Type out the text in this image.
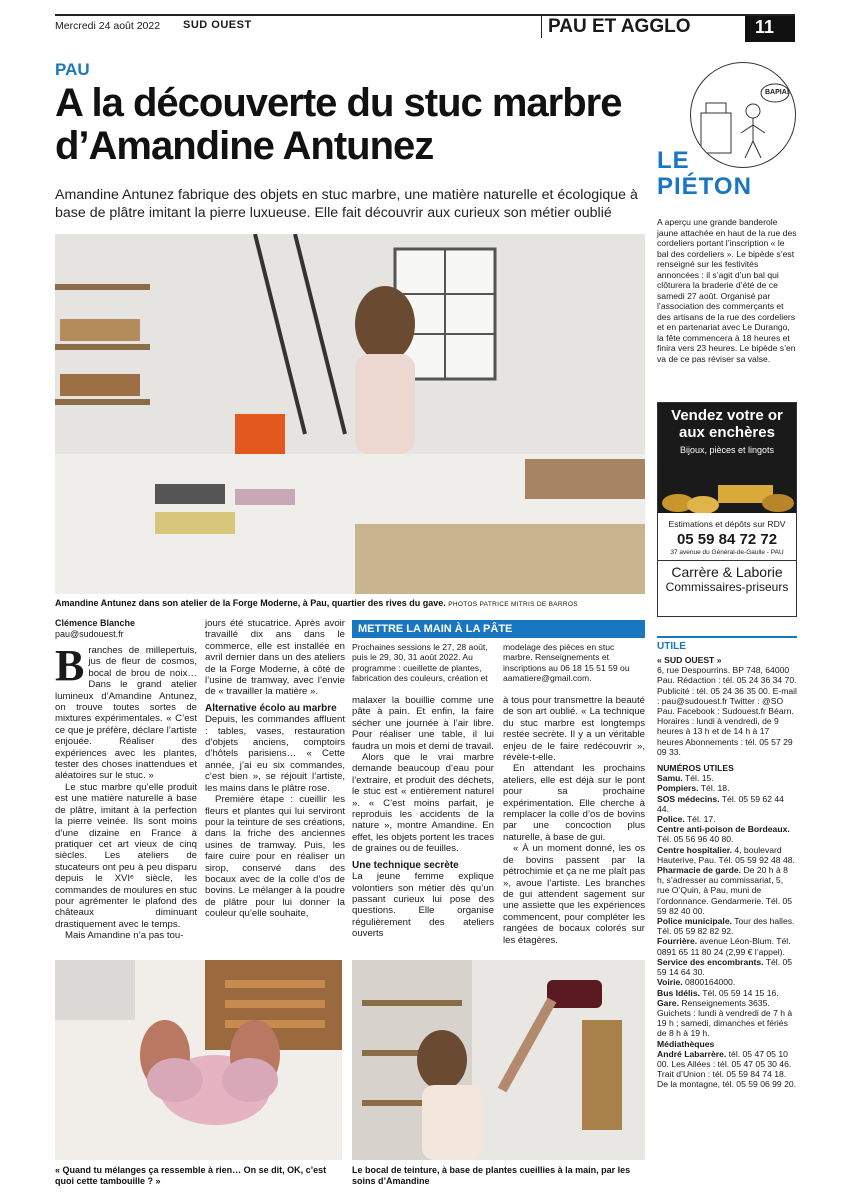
Mercredi 24 août 2022 SUD OUEST	PAU ET AGGLO	11
PAU
A la découverte du stuc marbre d’Amandine Antunez

Amandine Antunez fabrique des objets en stuc marbre, une matière naturelle et écologique à base de plâtre imitant la pierre luxueuse. Elle fait découvrir aux curieux son métier oublié

Amandine Antunez dans son atelier de la Forge Moderne, à Pau, quartier des rives du gave. PHOTOS PATRICE MITRIS DE BARROS
Clémence Blanche
pau@sudouest.fr

Branches de millepertuis, jus de fleur de cosmos, bocal de brou de noix… Dans le grand atelier lumineux d’Amandine Antunez, on trouve toutes sortes de mixtures expérimentales. « C’est ce que je préfère, déclare l’artiste enjouée. Réaliser des expériences avec les plantes, tester des choses inattendues et aléatoires sur le stuc. »

Le stuc marbre qu’elle produit est une matière naturelle à base de plâtre, imitant à la perfection la pierre veinée. Ils sont moins d’une dizaine en France à pratiquer cet art vieux de cinq siècles. Les ateliers de stucateurs ont peu à peu disparu depuis le XVIᵉ siècle, les commandes de moulures en stuc pour agrémenter le plafond des châteaux diminuant drastiquement avec le temps.

Mais Amandine n’a pas tou-

jours été stucatrice. Après avoir travaillé dix ans dans le commerce, elle est installée en avril dernier dans un des ateliers de la Forge Moderne, à côté de l’usine de tramway, avec l’envie de « travailler la matière ».

Alternative écolo au marbre

Depuis, les commandes affluent : tables, vases, restauration d’objets anciens, comptoirs d’hôtels parisiens… « Cette année, j’ai eu six commandes, c’est bien », se réjouit l’artiste, les mains dans le plâtre rose.

Première étape : cueillir les fleurs et plantes qui lui serviront pour la teinture de ses créations, dans la friche des anciennes usines de tramway. Puis, les faire cuire pour en réaliser un sirop, conservé dans des bocaux avec de la colle d’os de bovins. Le mélanger à la poudre de plâtre pour lui donner la couleur qu’elle souhaite,

METTRE LA MAIN À LA PÂTE
Prochaines sessions le 27, 28 août, puis le 29, 30, 31 août 2022. Au programme : cueillette de plantes, fabrication des couleurs, création et
modelage des pièces en stuc marbre. Renseignements et inscriptions au 06 18 15 51 59 ou aamatiere@gmail.com.

malaxer la bouillie comme une pâte à pain. Et enfin, la faire sécher une journée à l’air libre. Pour réaliser une table, il lui faudra un mois et demi de travail.

Alors que le vrai marbre demande beaucoup d’eau pour l’extraire, et produit des déchets, le stuc est « entièrement naturel ». « C’est moins parfait, je reproduis les accidents de la nature », montre Amandine. En effet, les objets portent les traces de graines ou de feuilles.

Une technique secrète

La jeune femme explique volontiers son métier dès qu’un passant curieux lui pose des questions. Elle organise régulièrement des ateliers ouverts

à tous pour transmettre la beauté de son art oublié. « La technique du stuc marbre est longtemps restée secrète. Il y a un véritable enjeu de le faire redécouvrir », révèle-t-elle.

En attendant les prochains ateliers, elle est déjà sur le pont pour sa prochaine expérimentation. Elle cherche à remplacer la colle d’os de bovins par une concoction plus naturelle, à base de gui.

« À un moment donné, les os de bovins passent par la pétrochimie et ça ne me plaît pas », avoue l’artiste. Les branches de gui attendent sagement sur une assiette que les expériences commencent, pour compléter les rangées de bocaux colorés sur les étagères.

« Quand tu mélanges ça ressemble à rien… On se dit, OK, c’est quoi cette tambouille ? »
Le bocal de teinture, à base de plantes cueillies à la main, par les soins d’Amandine
BAPIA!
LE
PIÉTON
A aperçu une grande banderole jaune attachée en haut de la rue des cordeliers portant l’inscription « le bal des cordeliers ». Le bipède s’est renseigné sur les festivités annoncées : il s’agit d’un bal qui clôturera la braderie d’été de ce samedi 27 août. Organisé par l’association des commerçants et des artisans de la rue des cordeliers et en partenariat avec Le Durango, la fête commencera à 18 heures et finira vers 23 heures. Le bipède s’en va de ce pas réviser sa valse.
Vendez votre or
aux enchères
Bijoux, pièces et lingots
Estimations et dépôts sur RDV
05 59 84 72 72
37 avenue du Général-de-Gaulle - PAU
Carrère & Laborie
Commissaires-priseurs
UTILE
« SUD OUEST »
6, rue Despourrins. BP 748, 64000 Pau. Rédaction : tél. 05 24 36 34 70. Publicité : tél. 05 24 36 35 00. E-mail : pau@sudouest.fr Twitter : @SO Pau. Facebook : Sudouest.fr Béarn. Horaires : lundi à vendredi, de 9 heures à 13 h et de 14 h à 17 heures Abonnements : tél. 05 57 29 09 33.
NUMÉROS UTILES
Samu. Tél. 15.
Pompiers. Tél. 18.
SOS médecins. Tél. 05 59 62 44 44.
Police. Tél. 17.
Centre anti-poison de Bordeaux. Tél. 05 56 96 40 80.
Centre hospitalier. 4, boulevard Hauterive, Pau. Tél. 05 59 92 48 48.
Pharmacie de garde. De 20 h à 8 h, s’adresser au commissariat, 5, rue O’Quin, à Pau, muni de l’ordonnance. Gendarmerie. Tél. 05 59 82 40 00.
Police municipale. Tour des halles. Tél. 05 59 82 82 92.
Fourrière. avenue Léon-Blum. Tél. 0891 65 11 80 24 (2,99 € l’appel).
Service des encombrants. Tél. 05 59 14 64 30.
Voirie. 0800164000.
Bus Idélis. Tél. 05 59 14 15 16.
Gare. Renseignements 3635. Guichets : lundi à vendredi de 7 h à 19 h ; samedi, dimanches et fériés de 8 h à 19 h.
Médiathèques
André Labarrère. tél. 05 47 05 10 00. Les Allées : tél. 05 47 05 30 46. Trait d’Union : tél. 05 59 84 74 18. De la montagne, tél. 05 59 06 99 20.
